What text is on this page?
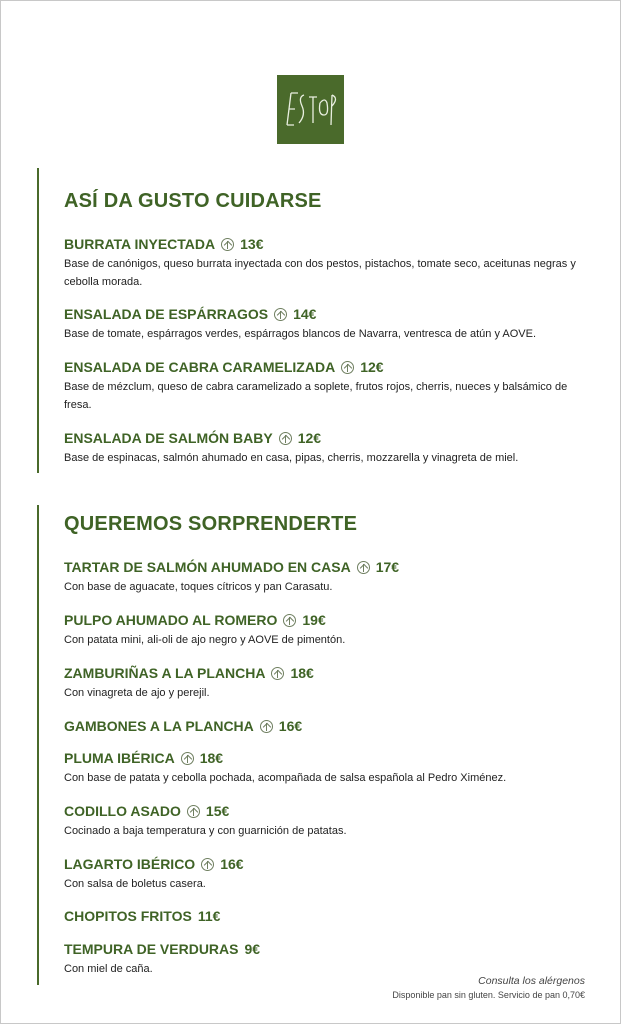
ASÍ DA GUSTO CUIDARSE
BURRATA INYECTADA 13€
Base de canónigos, queso burrata inyectada con dos pestos, pistachos, tomate seco, aceitunas negras y cebolla morada.
ENSALADA DE ESPÁRRAGOS 14€
Base de tomate, espárragos verdes, espárragos blancos de Navarra, ventresca de atún y AOVE.
ENSALADA DE CABRA CARAMELIZADA 12€
Base de mézclum, queso de cabra caramelizado a soplete, frutos rojos, cherris, nueces y balsámico de fresa.
ENSALADA DE SALMÓN BABY 12€
Base de espinacas, salmón ahumado en casa, pipas, cherris, mozzarella y vinagreta de miel.
QUEREMOS SORPRENDERTE
TARTAR DE SALMÓN AHUMADO EN CASA 17€
Con base de aguacate, toques cítricos y pan Carasatu.
PULPO AHUMADO AL ROMERO 19€
Con patata mini, ali-oli de ajo negro y AOVE de pimentón.
ZAMBURIÑAS A LA PLANCHA 18€
Con vinagreta de ajo y perejil.
GAMBONES A LA PLANCHA 16€
PLUMA IBÉRICA 18€
Con base de patata y cebolla pochada, acompañada de salsa española al Pedro Ximénez.
CODILLO ASADO 15€
Cocinado a baja temperatura y con guarnición de patatas.
LAGARTO IBÉRICO 16€
Con salsa de boletus casera.
CHOPITOS FRITOS 11€
TEMPURA DE VERDURAS 9€
Con miel de caña.
Consulta los alérgenos
Disponible pan sin gluten. Servicio de pan 0,70€
